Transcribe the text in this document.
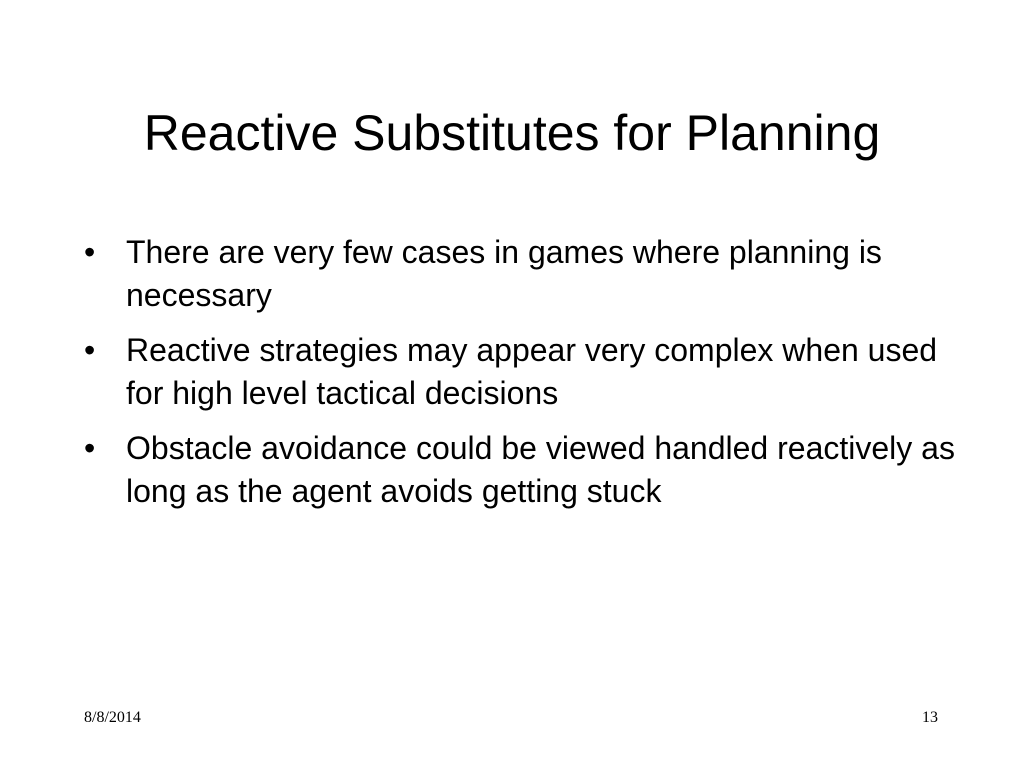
Reactive Substitutes for Planning
• There are very few cases in games where planning is necessary
• Reactive strategies may appear very complex when used for high level tactical decisions
• Obstacle avoidance could be viewed handled reactively as long as the agent avoids getting stuck
8/8/2014	13
